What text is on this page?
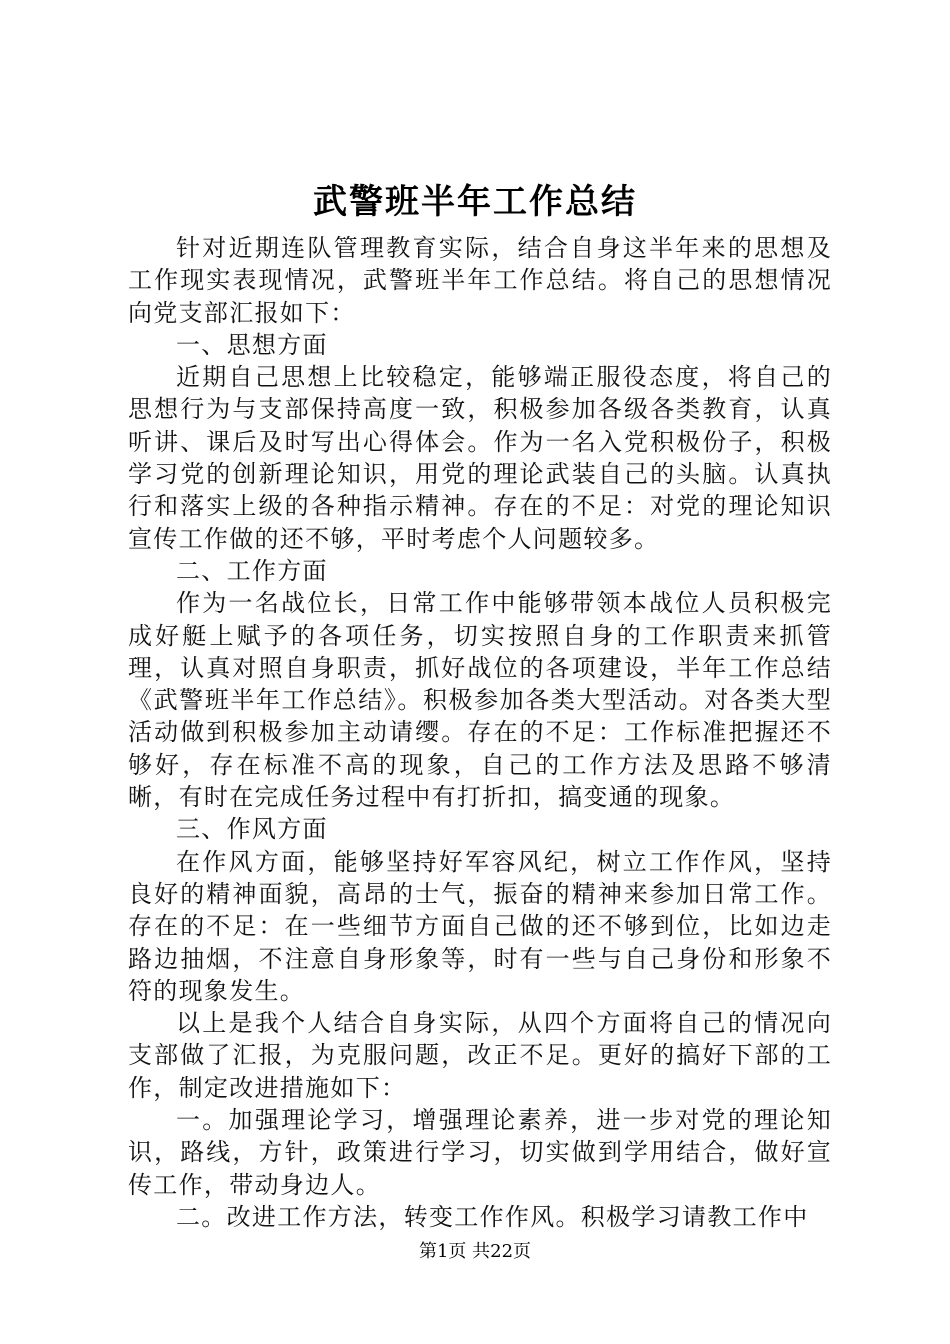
武警班半年工作总结

针对近期连队管理教育实际，结合自身这半年来的思想及工作现实表现情况，武警班半年工作总结。将自己的思想情况向党支部汇报如下：

一、思想方面

近期自己思想上比较稳定，能够端正服役态度，将自己的思想行为与支部保持高度一致，积极参加各级各类教育，认真听讲、课后及时写出心得体会。作为一名入党积极份子，积极学习党的创新理论知识，用党的理论武装自己的头脑。认真执行和落实上级的各种指示精神。存在的不足：对党的理论知识宣传工作做的还不够，平时考虑个人问题较多。

二、工作方面

作为一名战位长，日常工作中能够带领本战位人员积极完成好艇上赋予的各项任务，切实按照自身的工作职责来抓管理，认真对照自身职责，抓好战位的各项建设，半年工作总结《武警班半年工作总结》。积极参加各类大型活动。对各类大型活动做到积极参加主动请缨。存在的不足：工作标准把握还不够好，存在标准不高的现象，自己的工作方法及思路不够清晰，有时在完成任务过程中有打折扣，搞变通的现象。

三、作风方面

在作风方面，能够坚持好军容风纪，树立工作作风，坚持良好的精神面貌，高昂的士气，振奋的精神来参加日常工作。存在的不足：在一些细节方面自己做的还不够到位，比如边走路边抽烟，不注意自身形象等，时有一些与自己身份和形象不符的现象发生。

以上是我个人结合自身实际，从四个方面将自己的情况向支部做了汇报，为克服问题，改正不足。更好的搞好下部的工作，制定改进措施如下：

一。加强理论学习，增强理论素养，进一步对党的理论知识，路线，方针，政策进行学习，切实做到学用结合，做好宣传工作，带动身边人。

二。改进工作方法，转变工作作风。积极学习请教工作中

第1页 共22页
